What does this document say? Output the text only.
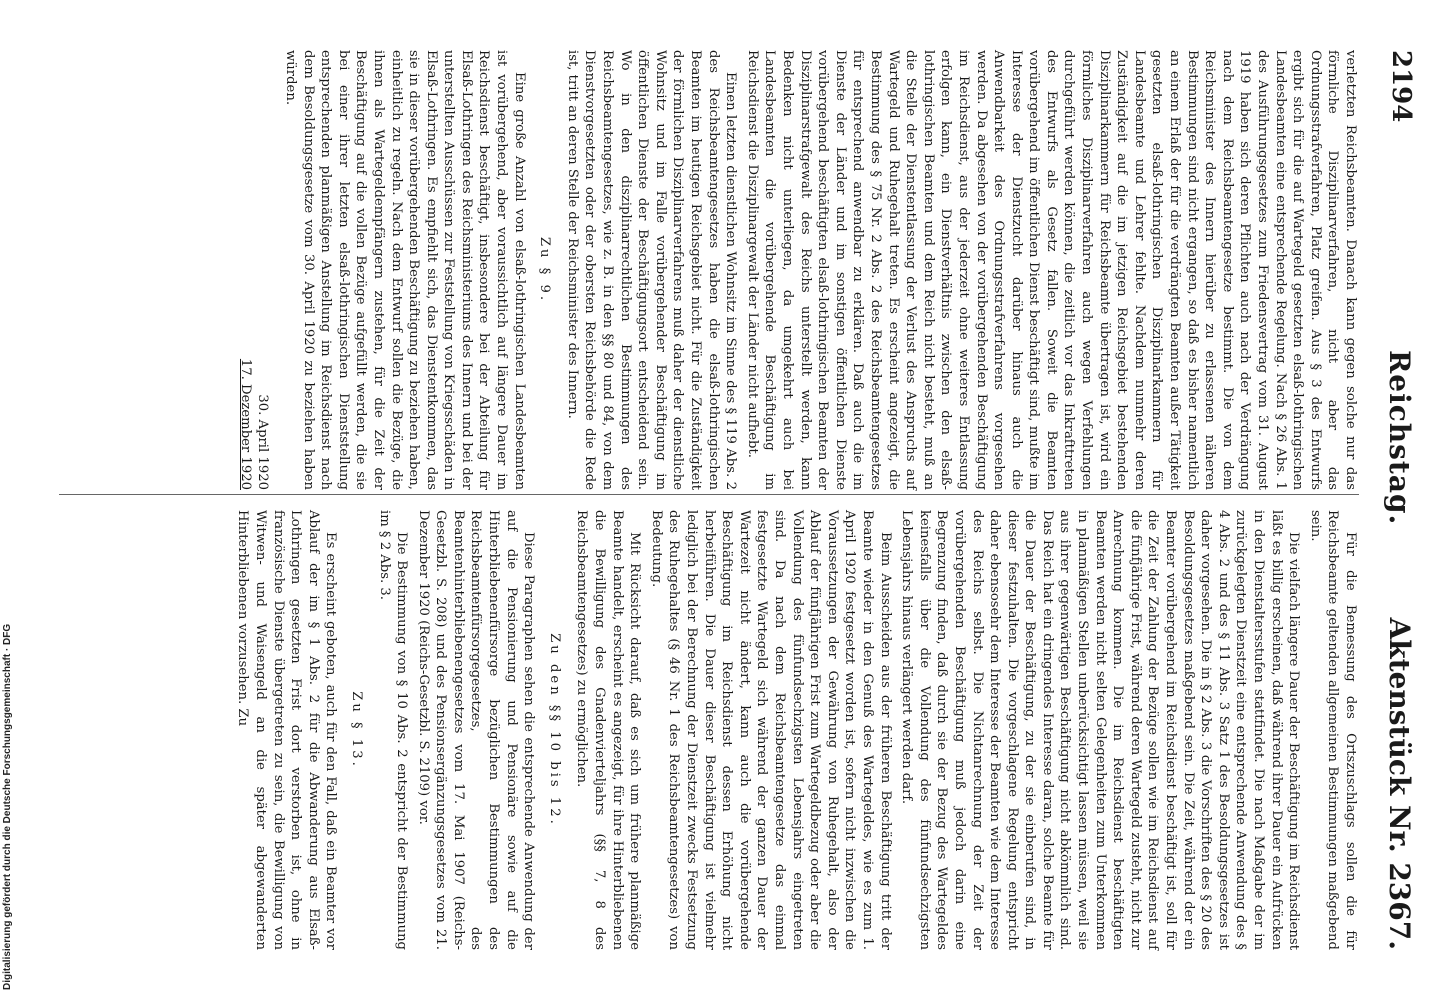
2194
Reichstag.
Aktenstück Nr. 2367.

verletzten Reichsbeamten. Danach kann gegen solche nur das förmliche Disziplinarverfahren, nicht aber das Ordnungsstrafverfahren, Platz greifen. Aus § 3 des Entwurfs ergibt sich für die auf Wartegeld gesetzten elsaß-lothringischen Landesbeamten eine entsprechende Regelung. Nach § 26 Abs. 1 des Ausführungsgesetzes zum Friedensvertrag vom 31. August 1919 haben sich deren Pflichten auch nach der Verdrängung nach dem Reichsbeamtengesetze bestimmt. Die von dem Reichsminister des Innern hierüber zu erlassenen näheren Bestimmungen sind nicht ergangen, so daß es bisher namentlich an einem Erlaß der für die verdrängten Beamten außer Tätigkeit gesetzten elsaß-lothringischen Disziplinarkammern für Landesbeamte und Lehrer fehlte. Nachdem nunmehr deren Zuständigkeit auf die im jetzigen Reichsgebiet bestehenden Disziplinarkammern für Reichsbeamte übertragen ist, wird ein förmliches Disziplinarverfahren auch wegen Verfehlungen durchgeführt werden können, die zeitlich vor das Inkrafttreten des Entwurfs als Gesetz fallen. Soweit die Beamten vorübergehend im öffentlichen Dienst beschäftigt sind, mußte im Interesse der Dienstzucht darüber hinaus auch die Anwendbarkeit des Ordnungsstrafverfahrens vorgesehen werden. Da abgesehen von der vorübergehenden Beschäftigung im Reichsdienst, aus der jederzeit ohne weiteres Entlassung erfolgen kann, ein Dienstverhältnis zwischen den elsaß-lothringischen Beamten und dem Reich nicht besteht, muß an die Stelle der Dienstentlassung der Verlust des Anspruchs auf Wartegeld und Ruhegehalt treten. Es erscheint angezeigt, die Bestimmung des § 75 Nr. 2 Abs. 2 des Reichsbeamtengesetzes für entsprechend anwendbar zu erklären. Daß auch die im Dienste der Länder und im sonstigen öffentlichen Dienste vorübergehend beschäftigten elsaß-lothringischen Beamten der Disziplinarstrafgewalt des Reichs unterstellt werden, kann Bedenken nicht unterliegen, da umgekehrt auch bei Landesbeamten die vorübergehende Beschäftigung im Reichsdienst die Disziplinargewalt der Länder nicht aufhebt.

Einen letzten dienstlichen Wohnsitz im Sinne des § 119 Abs. 2 des Reichsbeamtengesetzes haben die elsaß-lothringischen Beamten im heutigen Reichsgebiet nicht. Für die Zuständigkeit der förmlichen Disziplinarverfahrens muß daher der dienstliche Wohnsitz und im Falle vorübergehender Beschäftigung im öffentlichen Dienste der Beschäftigungsort entscheidend sein. Wo in den disziplinarrechtlichen Bestimmungen des Reichsbeamtengesetzes, wie z. B. in den §§ 80 und 84, von dem Dienstvorgesetzten oder der obersten Reichsbehörde die Rede ist, tritt an deren Stelle der Reichsminister des Innern.

Zu § 9.

Eine große Anzahl von elsaß-lothringischen Landesbeamten ist vorübergehend, aber voraussichtlich auf längere Dauer im Reichsdienst beschäftigt, insbesondere bei der Abteilung für Elsaß-Lothringen des Reichsministeriums des Innern und bei der unterstellten Ausschüssen zur Feststellung von Kriegsschäden in Elsaß-Lothringen. Es empfiehlt sich, das Dienstentkommen, das sie in dieser vorübergehenden Beschäftigung zu beziehen haben, einheitlich zu regeln. Nach dem Entwurf sollen die Bezüge, die ihnen als Wartegeldempfängern zustehen, für die Zeit der Beschäftigung auf die vollen Bezüge aufgefüllt werden, die sie bei einer ihrer letzten elsaß-lothringischen Dienststellung entsprechenden planmäßigen Anstellung im Reichsdienst nach dem Besoldungsgesetze vom 30. April 1920 zu beziehen haben würden.

30. April 1920
17. Dezember 1920

Für die Bemessung des Ortszuschlags sollen die für Reichsbeamte geltenden allgemeinen Bestimmungen maßgebend sein.

Die vielfach längere Dauer der Beschäftigung im Reichsdienst läßt es billig erscheinen, daß während ihrer Dauer ein Aufrücken in den Dienstaltersstufen stattfindet. Die nach Maßgabe der im zurückgelegten Dienstzeit eine entsprechende Anwendung des § 4 Abs. 2 und des § 11 Abs. 3 Satz 1 des Besoldungsgesetzes ist daher vorgesehen. Die in § 2 Abs. 3 die Vorschriften des § 20 des Besoldungsgesetzes maßgebend sein. Die Zeit, während der ein Beamter vorübergehend im Reichsdienst beschäftigt ist, soll für die Zeit der Zahlung der Bezüge sollen wie im Reichsdienst auf die fünfjährige Frist, während deren Wartegeld zusteht, nicht zur Anrechnung kommen. Die im Reichsdienst beschäftigten Beamten werden nicht selten Gelegenheiten zum Unterkommen in planmäßigen Stellen unberücksichtigt lassen müssen, weil sie aus ihrer gegenwärtigen Beschäftigung nicht abkömmlich sind. Das Reich hat ein dringendes Interesse daran, solche Beamte für die Dauer der Beschäftigung, zu der sie einberufen sind, in dieser festzuhalten. Die vorgeschlagene Regelung entspricht daher ebensosehr dem Interesse der Beamten wie dem Interesse des Reichs selbst. Die Nichtanrechnung der Zeit der vorübergehenden Beschäftigung muß jedoch darin eine Begrenzung finden, daß durch sie der Bezug des Wartegeldes keinesfalls über die Vollendung des fünfundsechzigsten Lebensjahrs hinaus verlängert werden darf.

Beim Ausscheiden aus der früheren Beschäftigung tritt der Beamte wieder in den Genuß des Wartegeldes, wie es zum 1. April 1920 festgesetzt worden ist, sofern nicht inzwischen die Voraussetzungen der Gewährung von Ruhegehalt, also der Ablauf der fünfjährigen Frist zum Wartegeldbezug oder aber die Vollendung des fünfundsechzigsten Lebensjahrs eingetreten sind. Da nach dem Reichsbeamtengesetze das einmal festgesetzte Wartegeld sich während der ganzen Dauer der Wartezeit nicht ändert, kann auch die vorübergehende Beschäftigung im Reichsdienst dessen Erhöhung nicht herbeiführen. Die Dauer dieser Beschäftigung ist vielmehr lediglich bei der Berechnung der Dienstzeit zwecks Festsetzung des Ruhegehaltes (§ 46 Nr. 1 des Reichsbeamtengesetzes) von Bedeutung.

Mit Rücksicht darauf, daß es sich um frühere planmäßige Beamte handelt, erscheint es angezeigt, für ihre Hinterbliebenen die Bewilligung des Gnadenvierteljahrs (§§ 7, 8 des Reichsbeamtengesetzes) zu ermöglichen.

Zu den §§ 10 bis 12.

Diese Paragraphen sehen die entsprechende Anwendung der auf die Pensionierung und Pensionäre sowie auf die Hinterbliebenenfürsorge bezüglichen Bestimmungen des Reichsbeamtenfürsorgegesetzes, des Beamtenhinterbliebenengesetzes vom 17. Mai 1907 (Reichs-Gesetzbl. S. 208) und des Pensionsergänzungsgesetzes vom 21. Dezember 1920 (Reichs-Gesetzbl. S. 2109) vor.

Die Bestimmung von § 10 Abs. 2 entspricht der Bestimmung im § 2 Abs. 3.

Zu § 13.

Es erscheint geboten, auch für den Fall, daß ein Beamter vor Ablauf der im § 1 Abs. 2 für die Abwanderung aus Elsaß-Lothringen gesetzten Frist dort verstorben ist, ohne in französische Dienste übergetreten zu sein, die Bewilligung von Witwen- und Waisengeld an die später abgewanderten Hinterbliebenen vorzusehen. Zu

Digitalisierung gefördert durch die Deutsche Forschungsgemeinschaft · DFG
